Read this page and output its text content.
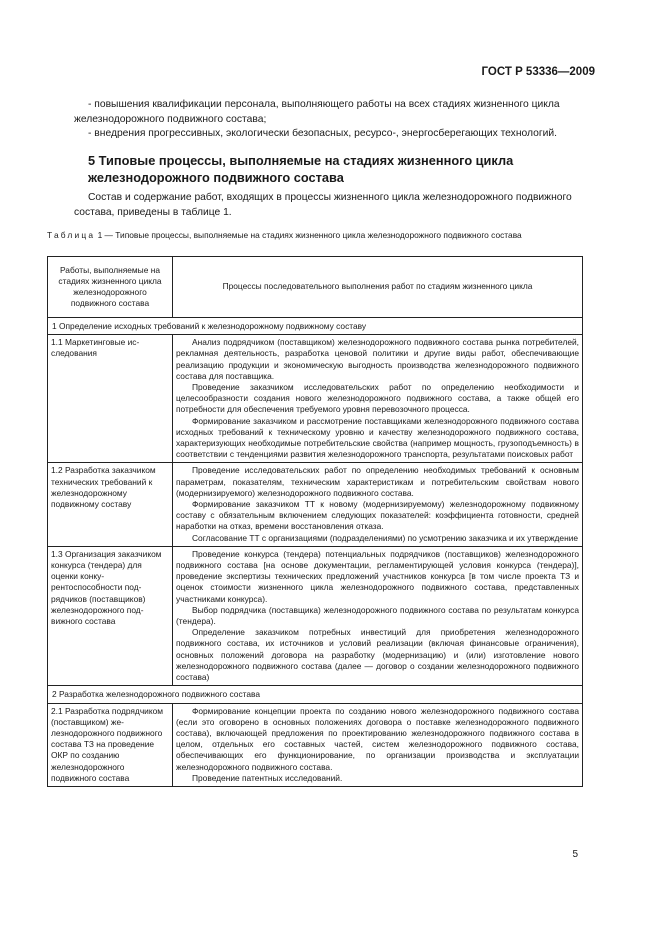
ГОСТ Р 53336—2009

- повышения квалификации персонала, выполняющего работы на всех стадиях жизненного цикла железнодорожного подвижного состава;

- внедрения прогрессивных, экологически безопасных, ресурсо-, энергосберегающих технологий.

5 Типовые процессы, выполняемые на стадиях жизненного цикла железнодорожного подвижного состава

Состав и содержание работ, входящих в процессы жизненного цикла железнодорожного подвижного состава, приведены в таблице 1.

Таблица 1 — Типовые процессы, выполняемые на стадиях жизненного цикла железнодорожного подвижного состава
Работы, выполняемые на стадиях жизненного цикла железнодорожного подвижного состава	Процессы последовательного выполнения работ по стадиям жизненного цикла
1 Определение исходных требований к железнодорожному подвижному составу	
1.1 Маркетинговые исследования	Анализ подрядчиком (поставщиком) железнодорожного подвижного состава рынка потребителей, рекламная деятельность, разработка ценовой политики и другие виды работ, обеспечивающие реализацию продукции и экономическую выгодность производства железнодорожного подвижного состава для поставщика.

Проведение заказчиком исследовательских работ по определению необходимости и целесообразности создания нового железнодорожного подвижного состава, а также общей его потребности для обеспечения требуемого уровня перевозочного процесса.

Формирование заказчиком и рассмотрение поставщиками железнодорожного подвижного состава исходных требований к техническому уровню и качеству железнодорожного подвижного состава, характеризующих необходимые потребительские свойства (например мощность, грузоподъемность) в соответствии с тенденциями развития железнодорожного транспорта, результатами поисковых работ

1.2 Разработка заказчиком технических требований к железнодорожному подвижному составу	Проведение исследовательских работ по определению необходимых требований к основным параметрам, показателям, техническим характеристикам и потребительским свойствам нового (модернизируемого) железнодорожного подвижного состава.

Формирование заказчиком ТТ к новому (модернизируемому) железнодорожному подвижному составу с обязательным включением следующих показателей: коэффициента готовности, средней наработки на отказ, времени восстановления отказа.

Согласование ТТ с организациями (подразделениями) по усмотрению заказчика и их утверждение

1.3 Организация заказчиком конкурса (тендера) для оценки конкурентоспособности подрядчиков (поставщиков) железнодорожного подвижного состава	Проведение конкурса (тендера) потенциальных подрядчиков (поставщиков) железнодорожного подвижного состава [на основе документации, регламентирующей условия конкурса (тендера)], проведение экспертизы технических предложений участников конкурса [в том числе проекта ТЗ и оценок стоимости жизненного цикла железнодорожного подвижного состава, представленных участниками конкурса).

Выбор подрядчика (поставщика) железнодорожного подвижного состава по результатам конкурса (тендера).

Определение заказчиком потребных инвестиций для приобретения железнодорожного подвижного состава, их источников и условий реализации (включая финансовые ограничения), основных положений договора на разработку (модернизацию) и (или) изготовление нового железнодорожного подвижного состава (далее — договор о создании железнодорожного подвижного состава)

2 Разработка железнодорожного подвижного состава	
2.1 Разработка подрядчиком (поставщиком) железнодорожного подвижного состава ТЗ на проведение ОКР по созданию железнодорожного подвижного состава	Формирование концепции проекта по созданию нового железнодорожного подвижного состава (если это оговорено в основных положениях договора о поставке железнодорожного подвижного состава), включающей предложения по проектированию железнодорожного подвижного состава в целом, отдельных его составных частей, систем железнодорожного подвижного состава, обеспечивающих его функционирование, по организации производства и эксплуатации железнодорожного подвижного состава.

Проведение патентных исследований.

5
